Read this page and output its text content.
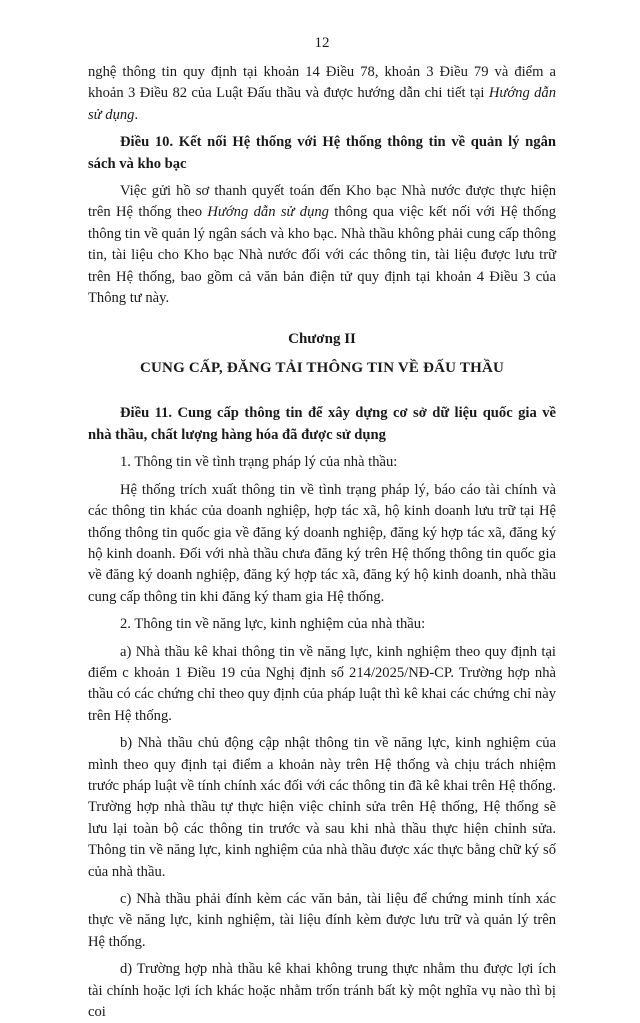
12

nghệ thông tin quy định tại khoản 14 Điều 78, khoản 3 Điều 79 và điểm a khoản 3 Điều 82 của Luật Đấu thầu và được hướng dẫn chi tiết tại Hướng dẫn sử dụng.

Điều 10. Kết nối Hệ thống với Hệ thống thông tin về quản lý ngân sách và kho bạc

Việc gửi hồ sơ thanh quyết toán đến Kho bạc Nhà nước được thực hiện trên Hệ thống theo Hướng dẫn sử dụng thông qua việc kết nối với Hệ thống thông tin về quản lý ngân sách và kho bạc. Nhà thầu không phải cung cấp thông tin, tài liệu cho Kho bạc Nhà nước đối với các thông tin, tài liệu được lưu trữ trên Hệ thống, bao gồm cả văn bản điện tử quy định tại khoản 4 Điều 3 của Thông tư này.

Chương II
CUNG CẤP, ĐĂNG TẢI THÔNG TIN VỀ ĐẤU THẦU

Điều 11. Cung cấp thông tin để xây dựng cơ sở dữ liệu quốc gia về nhà thầu, chất lượng hàng hóa đã được sử dụng

1. Thông tin về tình trạng pháp lý của nhà thầu:

Hệ thống trích xuất thông tin về tình trạng pháp lý, báo cáo tài chính và các thông tin khác của doanh nghiệp, hợp tác xã, hộ kinh doanh lưu trữ tại Hệ thống thông tin quốc gia về đăng ký doanh nghiệp, đăng ký hợp tác xã, đăng ký hộ kinh doanh. Đối với nhà thầu chưa đăng ký trên Hệ thống thông tin quốc gia về đăng ký doanh nghiệp, đăng ký hợp tác xã, đăng ký hộ kinh doanh, nhà thầu cung cấp thông tin khi đăng ký tham gia Hệ thống.

2. Thông tin về năng lực, kinh nghiệm của nhà thầu:

a) Nhà thầu kê khai thông tin về năng lực, kinh nghiệm theo quy định tại điểm c khoản 1 Điều 19 của Nghị định số 214/2025/NĐ-CP. Trường hợp nhà thầu có các chứng chỉ theo quy định của pháp luật thì kê khai các chứng chỉ này trên Hệ thống.

b) Nhà thầu chủ động cập nhật thông tin về năng lực, kinh nghiệm của mình theo quy định tại điểm a khoản này trên Hệ thống và chịu trách nhiệm trước pháp luật về tính chính xác đối với các thông tin đã kê khai trên Hệ thống. Trường hợp nhà thầu tự thực hiện việc chỉnh sửa trên Hệ thống, Hệ thống sẽ lưu lại toàn bộ các thông tin trước và sau khi nhà thầu thực hiện chỉnh sửa. Thông tin về năng lực, kinh nghiệm của nhà thầu được xác thực bằng chữ ký số của nhà thầu.

c) Nhà thầu phải đính kèm các văn bản, tài liệu để chứng minh tính xác thực về năng lực, kinh nghiệm, tài liệu đính kèm được lưu trữ và quản lý trên Hệ thống.

d) Trường hợp nhà thầu kê khai không trung thực nhằm thu được lợi ích tài chính hoặc lợi ích khác hoặc nhằm trốn tránh bất kỳ một nghĩa vụ nào thì bị coi
